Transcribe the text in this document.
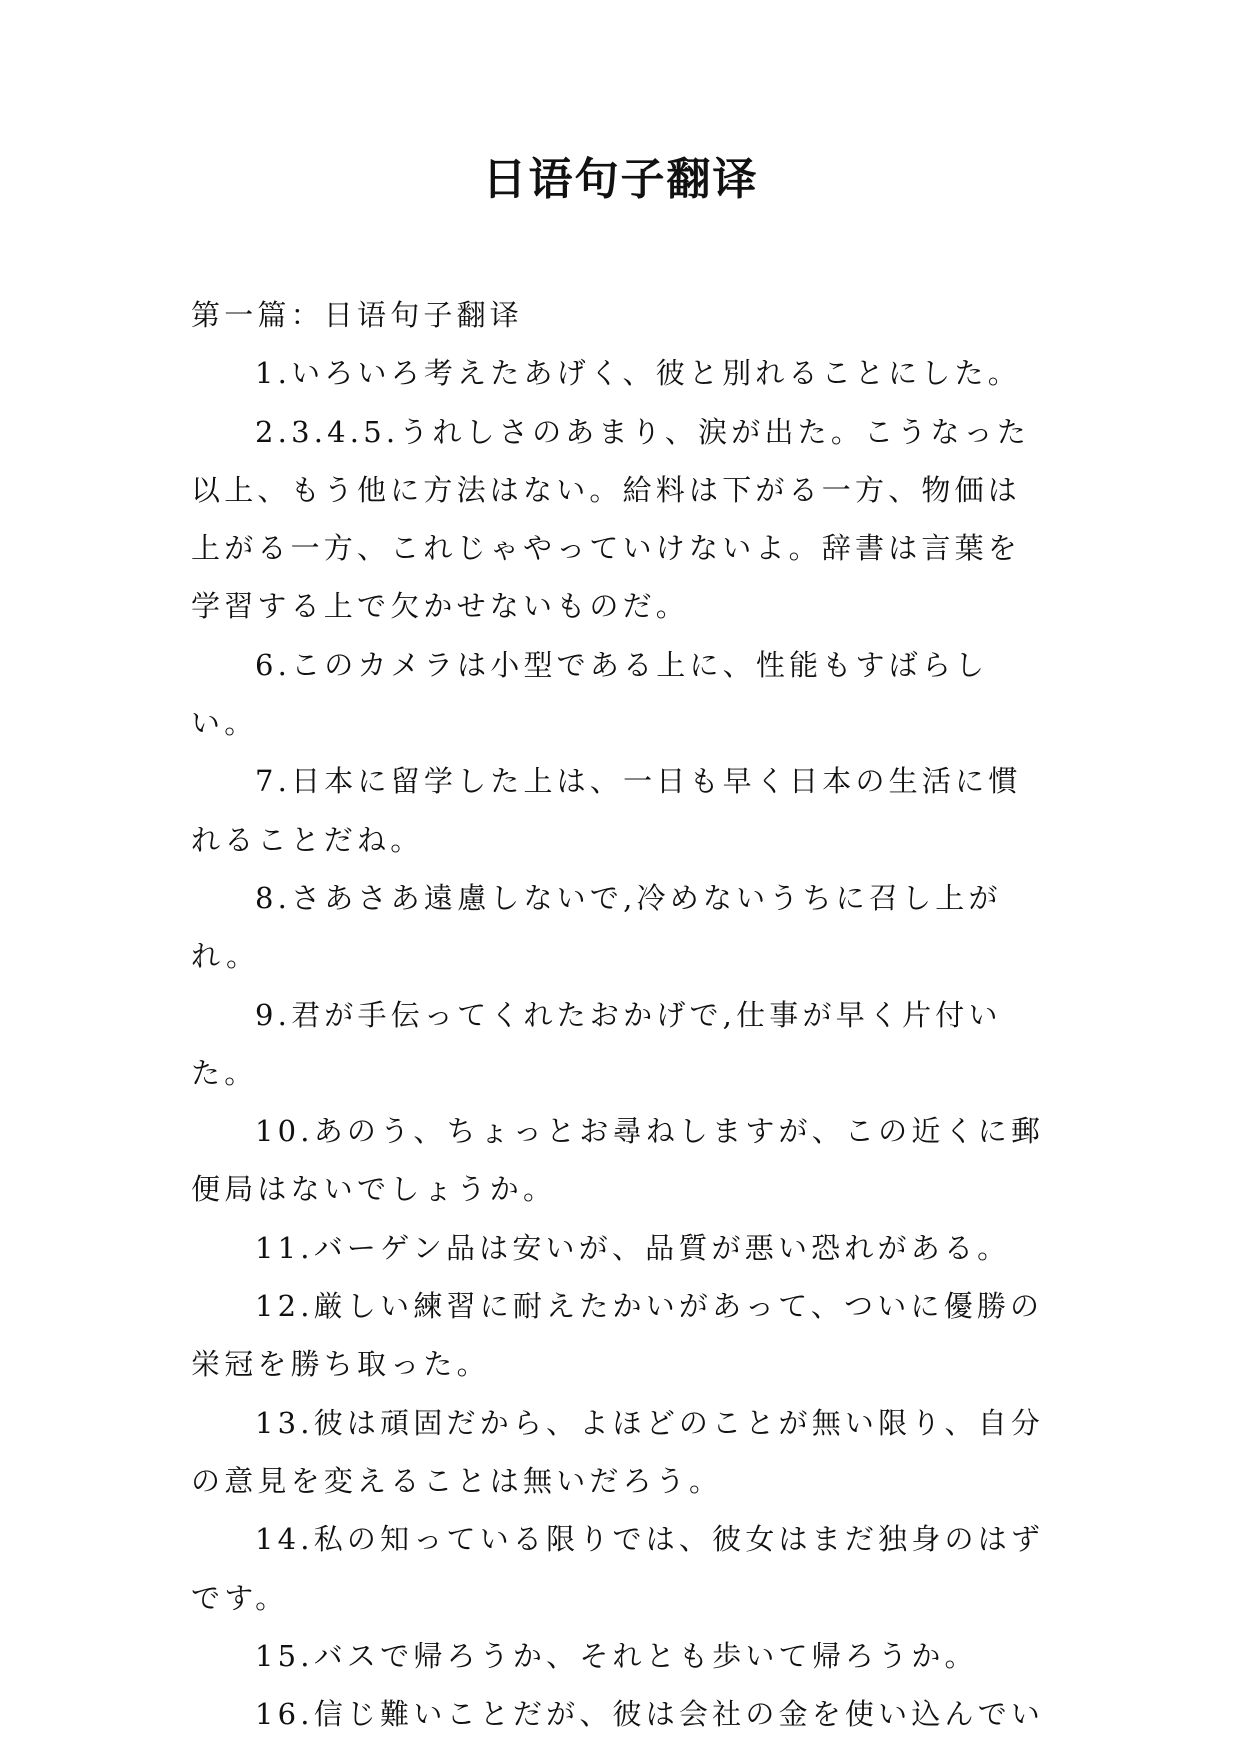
日语句子翻译

第一篇：日语句子翻译

1.いろいろ考えたあげく、彼と別れることにした。

2.3.4.5.うれしさのあまり、涙が出た。こうなった以上、もう他に方法はない。給料は下がる一方、物価は上がる一方、これじゃやっていけないよ。辞書は言葉を学習する上で欠かせないものだ。

6.このカメラは小型である上に、性能もすばらしい。

7.日本に留学した上は、一日も早く日本の生活に慣れることだね。

8.さあさあ遠慮しないで,冷めないうちに召し上がれ。

9.君が手伝ってくれたおかげで,仕事が早く片付いた。

10.あのう、ちょっとお尋ねしますが、この近くに郵便局はないでしょうか。

11.バーゲン品は安いが、品質が悪い恐れがある。

12.厳しい練習に耐えたかいがあって、ついに優勝の栄冠を勝ち取った。

13.彼は頑固だから、よほどのことが無い限り、自分の意見を変えることは無いだろう。

14.私の知っている限りでは、彼女はまだ独身のはずです。

15.バスで帰ろうか、それとも歩いて帰ろうか。

16.信じ難いことだが、彼は会社の金を使い込んでい
